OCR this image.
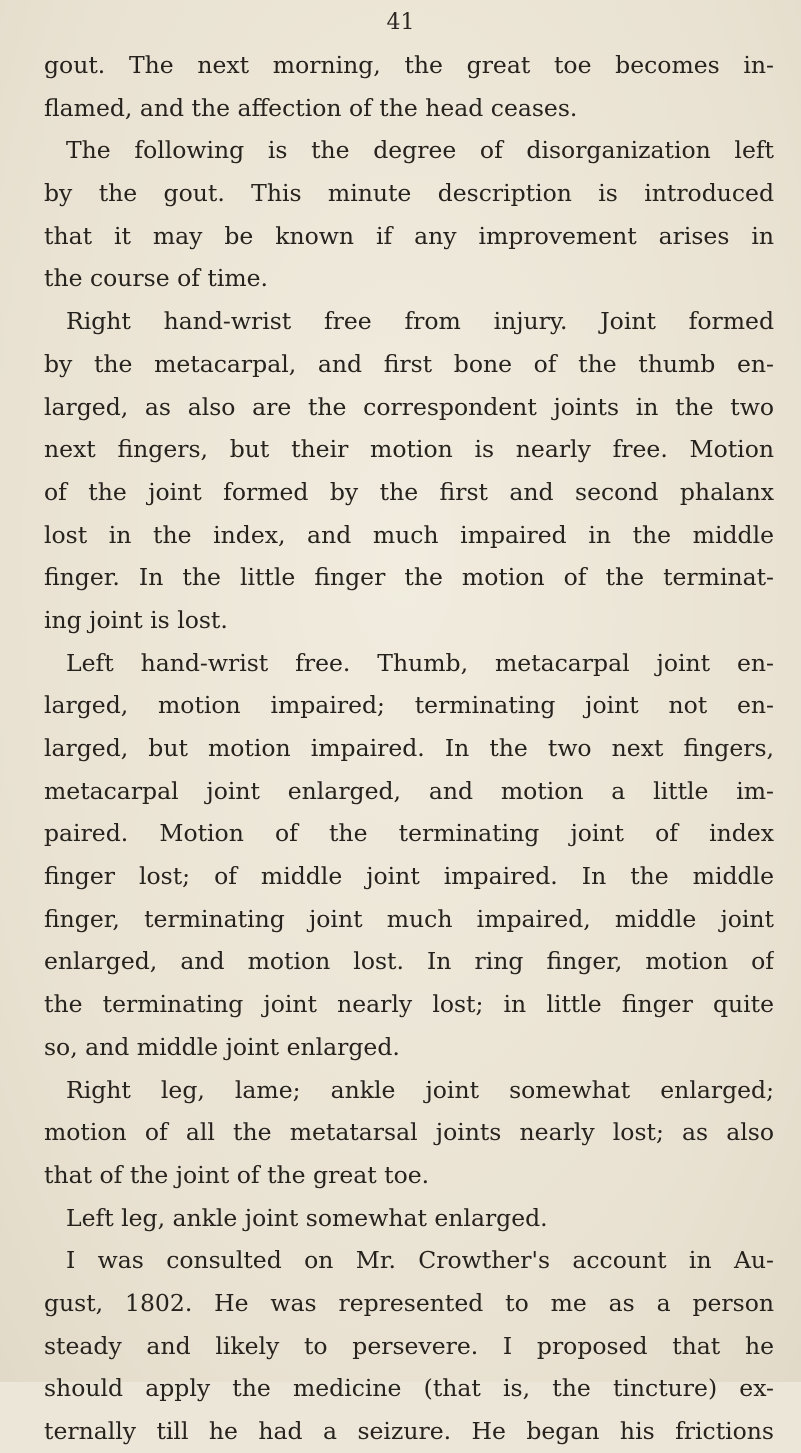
41
gout. The next morning, the great toe becomes in-
flamed, and the affection of the head ceases.
The following is the degree of disorganization left
by the gout. This minute description is introduced
that it may be known if any improvement arises in
the course of time.
Right hand-wrist free from injury. Joint formed
by the metacarpal, and first bone of the thumb en-
larged, as also are the correspondent joints in the two
next fingers, but their motion is nearly free. Motion
of the joint formed by the first and second phalanx
lost in the index, and much impaired in the middle
finger. In the little finger the motion of the terminat-
ing joint is lost.
Left hand-wrist free. Thumb, metacarpal joint en-
larged, motion impaired; terminating joint not en-
larged, but motion impaired. In the two next fingers,
metacarpal joint enlarged, and motion a little im-
paired. Motion of the terminating joint of index
finger lost; of middle joint impaired. In the middle
finger, terminating joint much impaired, middle joint
enlarged, and motion lost. In ring finger, motion of
the terminating joint nearly lost; in little finger quite
so, and middle joint enlarged.
Right leg, lame; ankle joint somewhat enlarged;
motion of all the metatarsal joints nearly lost; as also
that of the joint of the great toe.
Left leg, ankle joint somewhat enlarged.
I was consulted on Mr. Crowther's account in Au-
gust, 1802. He was represented to me as a person
steady and likely to persevere. I proposed that he
should apply the medicine (that is, the tincture) ex-
ternally till he had a seizure. He began his frictions
